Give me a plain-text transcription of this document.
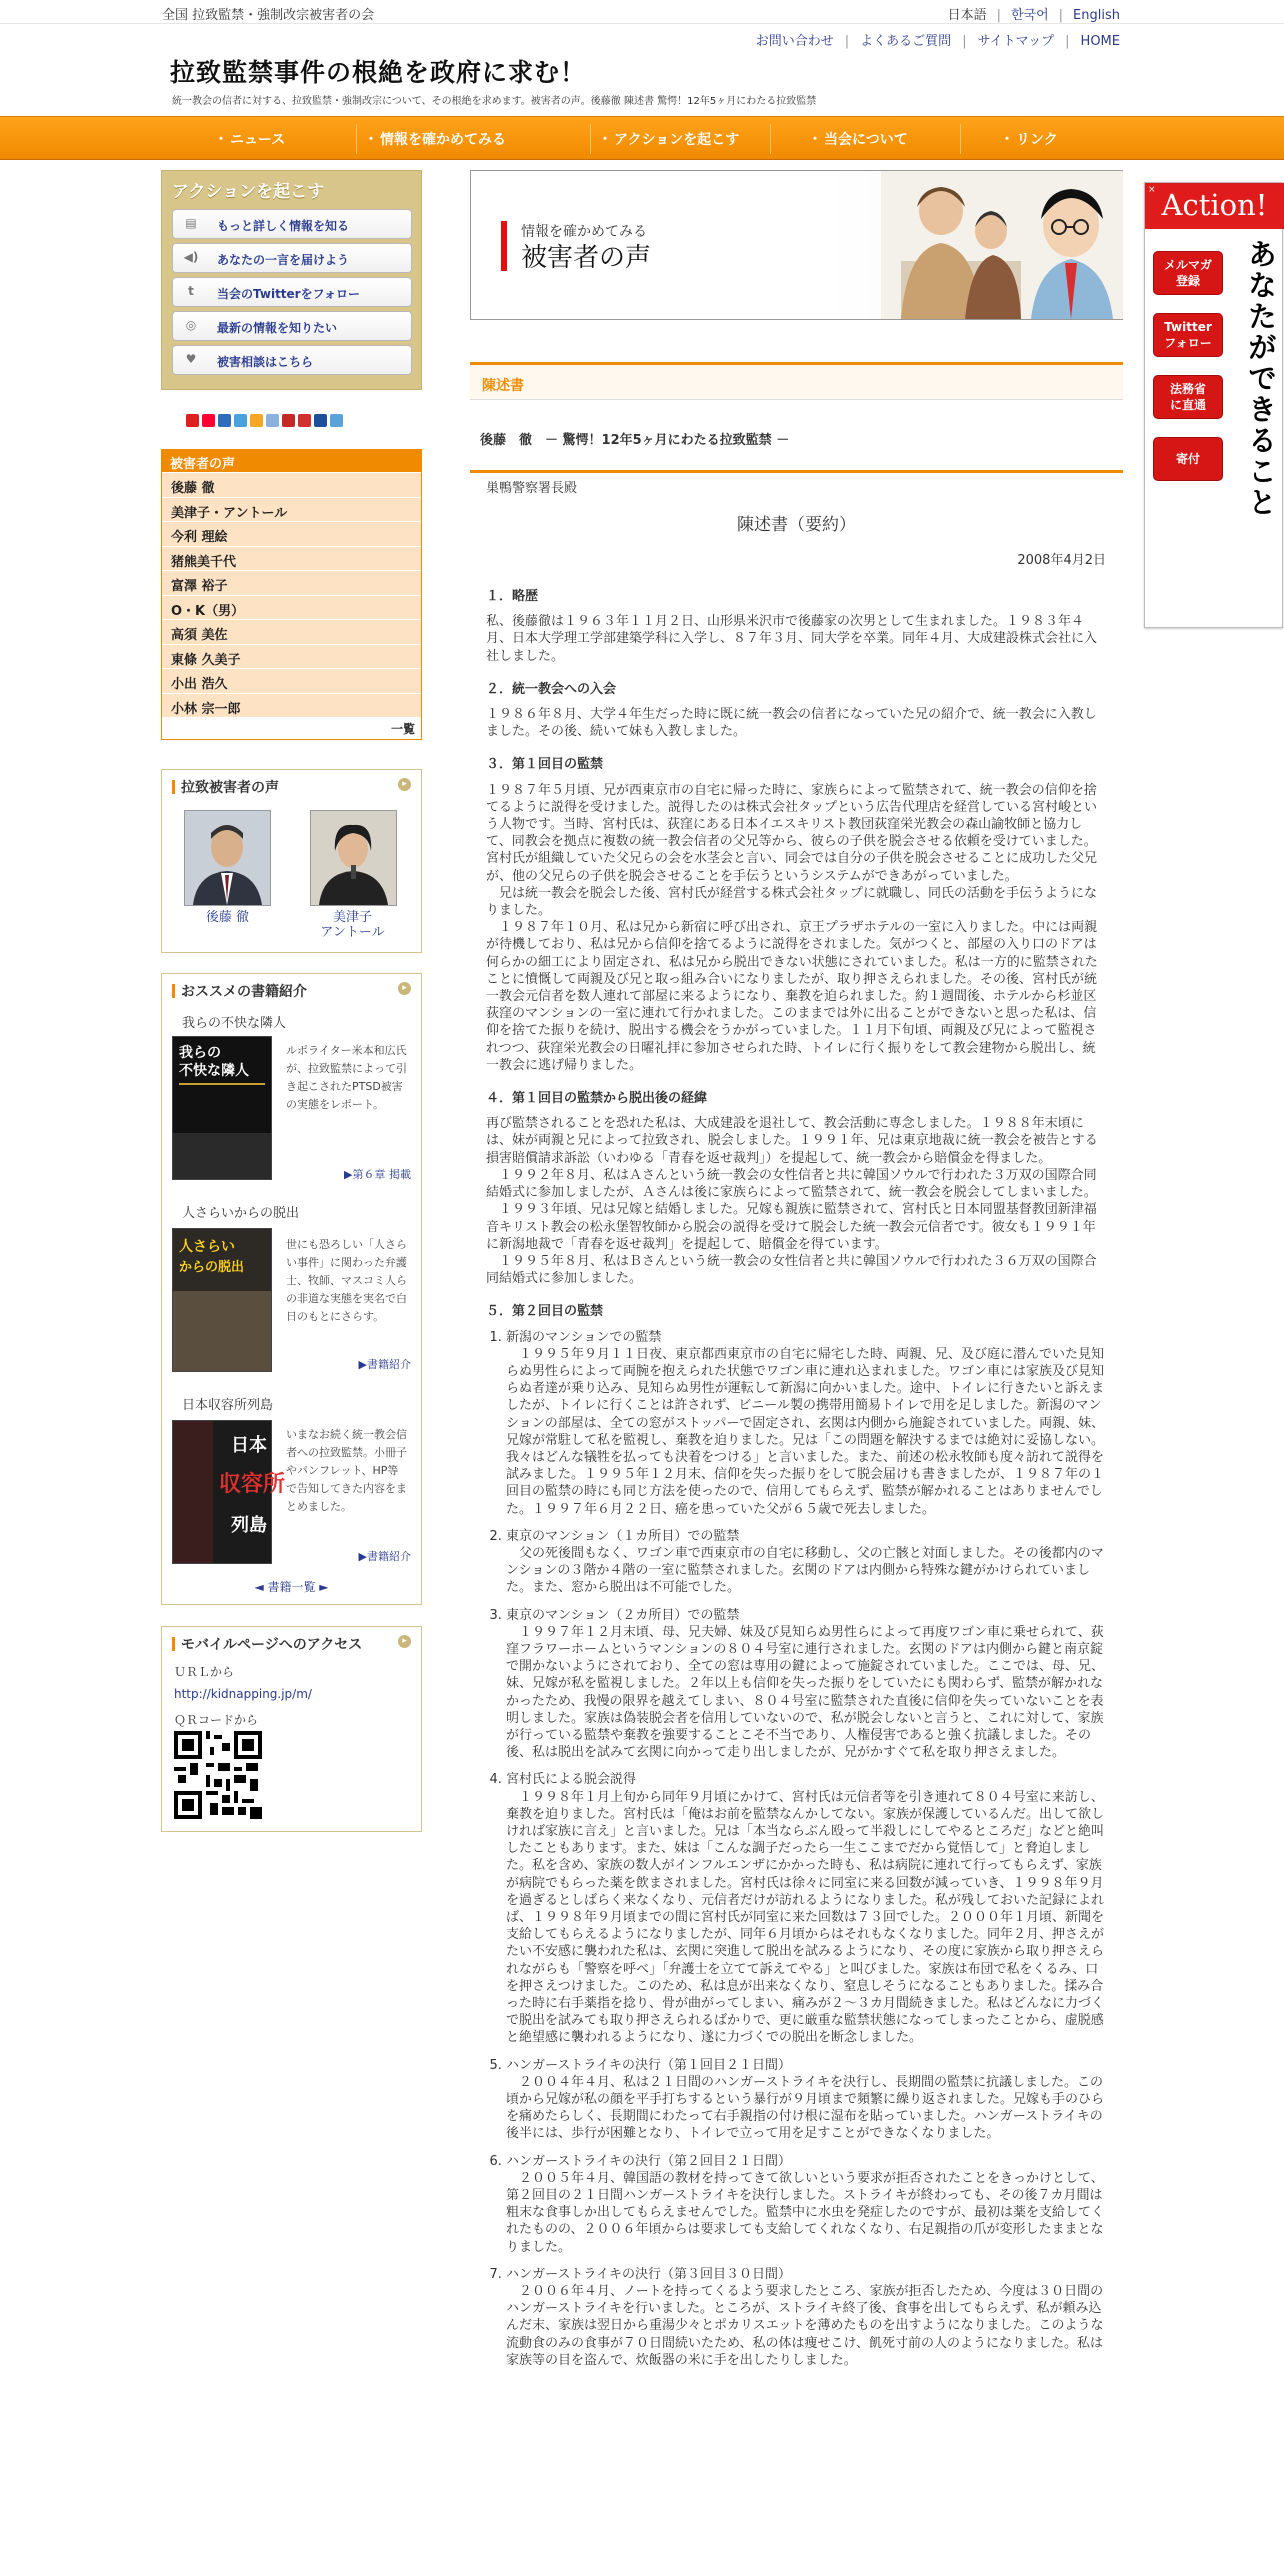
全国 拉致監禁・強制改宗被害者の会	日本語 | 한국어 | English
お問い合わせ | よくあるご質問 | サイトマップ | HOME
拉致監禁事件の根絶を政府に求む！
統一教会の信者に対する、拉致監禁・強制改宗について、その根絶を求めます。被害者の声。後藤徹 陳述書 驚愕！12年5ヶ月にわたる拉致監禁
・ ニュース	・ 情報を確かめてみる	・ アクションを起こす	・ 当会について	・ リンク
アクションを起こす
▤ もっと詳しく情報を知る
◀) あなたの一言を届けよう
t	当会のTwitterをフォロー
◎ 最新の情報を知りたい
♥ 被害相談はこちら
被害者の声
後藤 徹
美津子・アントール
今利 理絵
猪熊美千代
富澤 裕子
O・K（男）
高須 美佐
東條 久美子
小出 浩久
小林 宗一郎
一覧
拉致被害者の声	▸
後藤 徹	美津子
アントール
おススメの書籍紹介	▸
我らの不快な隣人
我らの
不快な隣人
ルポライター米本和広氏が、拉致監禁によって引き起こされたPTSD被害の実態をレポート。
▶第６章 掲載
人さらいからの脱出
人さらい
からの脱出
世にも恐ろしい「人さらい事件」に関わった弁護士、牧師、マスコミ人らの非道な実態を実名で白日のもとにさらす。
▶書籍紹介
日本収容所列島
日本
収容所
列島
いまなお続く統一教会信者への拉致監禁。小冊子やパンフレット、HP等で告知してきた内容をまとめました。
▶書籍紹介
◄ 書籍一覧 ►
モバイルページへのアクセス	▸
ＵＲＬから
http://kidnapping.jp/m/
ＱＲコードから
情報を確かめてみる
被害者の声
陳述書
後藤　徹　－ 驚愕！12年5ヶ月にわたる拉致監禁 －
巣鴨警察署長殿
陳述書（要約）
2008年4月2日
１．略歴

私、後藤徹は１９６３年１１月２日、山形県米沢市で後藤家の次男として生まれました。１９８３年４月、日本大学理工学部建築学科に入学し、８７年３月、同大学を卒業。同年４月、大成建設株式会社に入社しました。

２．統一教会への入会

１９８６年８月、大学４年生だった時に既に統一教会の信者になっていた兄の紹介で、統一教会に入教しました。その後、続いて妹も入教しました。

３．第１回目の監禁

１９８７年５月頃、兄が西東京市の自宅に帰った時に、家族らによって監禁されて、統一教会の信仰を捨てるように説得を受けました。説得したのは株式会社タップという広告代理店を経営している宮村峻という人物です。当時、宮村氏は、荻窪にある日本イエスキリスト教団荻窪栄光教会の森山諭牧師と協力して、同教会を拠点に複数の統一教会信者の父兄等から、彼らの子供を脱会させる依頼を受けていました。宮村氏が組織していた父兄らの会を水茎会と言い、同会では自分の子供を脱会させることに成功した父兄が、他の父兄らの子供を脱会させることを手伝うというシステムができあがっていました。

兄は統一教会を脱会した後、宮村氏が経営する株式会社タップに就職し、同氏の活動を手伝うようになりました。

１９８７年１０月、私は兄から新宿に呼び出され、京王プラザホテルの一室に入りました。中には両親が待機しており、私は兄から信仰を捨てるように説得をされました。気がつくと、部屋の入り口のドアは何らかの細工により固定され、私は兄から脱出できない状態にされていました。私は一方的に監禁されたことに憤慨して両親及び兄と取っ組み合いになりましたが、取り押さえられました。その後、宮村氏が統一教会元信者を数人連れて部屋に来るようになり、棄教を迫られました。約１週間後、ホテルから杉並区荻窪のマンションの一室に連れて行かれました。このままでは外に出ることができないと思った私は、信仰を捨てた振りを続け、脱出する機会をうかがっていました。１１月下旬頃、両親及び兄によって監視されつつ、荻窪栄光教会の日曜礼拝に参加させられた時、トイレに行く振りをして教会建物から脱出し、統一教会に逃げ帰りました。

４．第１回目の監禁から脱出後の経緯

再び監禁されることを恐れた私は、大成建設を退社して、教会活動に専念しました。１９８８年末頃には、妹が両親と兄によって拉致され、脱会しました。１９９１年、兄は東京地裁に統一教会を被告とする損害賠償請求訴訟（いわゆる「青春を返せ裁判」）を提起して、統一教会から賠償金を得ました。

１９９２年８月、私はＡさんという統一教会の女性信者と共に韓国ソウルで行われた３万双の国際合同結婚式に参加しましたが、Ａさんは後に家族らによって監禁されて、統一教会を脱会してしまいました。

１９９３年頃、兄は兄嫁と結婚しました。兄嫁も親族に監禁されて、宮村氏と日本同盟基督教団新津福音キリスト教会の松永堡智牧師から脱会の説得を受けて脱会した統一教会元信者です。彼女も１９９１年に新潟地裁で「青春を返せ裁判」を提起して、賠償金を得ています。

１９９５年８月、私はＢさんという統一教会の女性信者と共に韓国ソウルで行われた３６万双の国際合同結婚式に参加しました。

５．第２回目の監禁
1. 新潟のマンションでの監禁
１９９５年９月１１日夜、東京都西東京市の自宅に帰宅した時、両親、兄、及び庭に潜んでいた見知らぬ男性らによって両腕を抱えられた状態でワゴン車に連れ込まれました。ワゴン車には家族及び見知らぬ者達が乗り込み、見知らぬ男性が運転して新潟に向かいました。途中、トイレに行きたいと訴えましたが、トイレに行くことは許されず、ビニール製の携帯用簡易トイレで用を足しました。新潟のマンションの部屋は、全ての窓がストッパーで固定され、玄関は内側から施錠されていました。両親、妹、兄嫁が常駐して私を監視し、棄教を迫りました。兄は「この問題を解決するまでは絶対に妥協しない。我々はどんな犠牲を払っても決着をつける」と言いました。また、前述の松永牧師も度々訪れて説得を試みました。１９９５年１２月末、信仰を失った振りをして脱会届けも書きましたが、１９８７年の１回目の監禁の時にも同じ方法を使ったので、信用してもらえず、監禁が解かれることはありませんでした。１９９７年６月２２日、癌を患っていた父が６５歳で死去しました。
2. 東京のマンション（１カ所目）での監禁
父の死後間もなく、ワゴン車で西東京市の自宅に移動し、父の亡骸と対面しました。その後都内のマンションの３階か４階の一室に監禁されました。玄関のドアは内側から特殊な鍵がかけられていました。また、窓から脱出は不可能でした。
3. 東京のマンション（２カ所目）での監禁
１９９７年１２月末頃、母、兄夫婦、妹及び見知らぬ男性らによって再度ワゴン車に乗せられて、荻窪フラワーホームというマンションの８０４号室に連行されました。玄関のドアは内側から鍵と南京錠で開かないようにされており、全ての窓は専用の鍵によって施錠されていました。ここでは、母、兄、妹、兄嫁が私を監視しました。２年以上も信仰を失った振りをしていたにも関わらず、監禁が解かれなかったため、我慢の限界を越えてしまい、８０４号室に監禁された直後に信仰を失っていないことを表明しました。家族は偽装脱会者を信用していないので、私が脱会しないと言うと、これに対して、家族が行っている監禁や棄教を強要することこそ不当であり、人権侵害であると強く抗議しました。その後、私は脱出を試みて玄関に向かって走り出しましたが、兄がかすぐて私を取り押さえました。
4. 宮村氏による脱会説得
１９９８年１月上旬から同年９月頃にかけて、宮村氏は元信者等を引き連れて８０４号室に来訪し、棄教を迫りました。宮村氏は「俺はお前を監禁なんかしてない。家族が保護しているんだ。出して欲しければ家族に言え」と言いました。兄は「本当ならぶん殴って半殺しにしてやるところだ」などと絶叫したこともあります。また、妹は「こんな調子だったら一生ここまでだから覚悟して」と脅迫しました。私を含め、家族の数人がインフルエンザにかかった時も、私は病院に連れて行ってもらえず、家族が病院でもらった薬を飲まされました。宮村氏は徐々に同室に来る回数が減っていき、１９９８年９月を過ぎるとしばらく来なくなり、元信者だけが訪れるようになりました。私が残しておいた記録によれば、１９９８年９月頃までの間に宮村氏が同室に来た回数は７３回でした。２０００年１月頃、新聞を支給してもらえるようになりましたが、同年６月頃からはそれもなくなりました。同年２月、押さえがたい不安感に襲われた私は、玄関に突進して脱出を試みるようになり、その度に家族から取り押さえられながらも「警察を呼べ」「弁護士を立てて訴えてやる」と叫びました。家族は布団で私をくるみ、口を押さえつけました。このため、私は息が出来なくなり、窒息しそうになることもありました。揉み合った時に右手薬指を捻り、骨が曲がってしまい、痛みが２～３カ月間続きました。私はどんなに力づくで脱出を試みても取り押さえられるばかりで、更に厳重な監禁状態になってしまったことから、虚脱感と絶望感に襲われるようになり、遂に力づくでの脱出を断念しました。
5. ハンガーストライキの決行（第１回目２１日間）
２００４年４月、私は２１日間のハンガーストライキを決行し、長期間の監禁に抗議しました。この頃から兄嫁が私の顔を平手打ちするという暴行が９月頃まで頻繁に繰り返されました。兄嫁も手のひらを痛めたらしく、長期間にわたって右手親指の付け根に湿布を貼っていました。ハンガーストライキの後半には、歩行が困難となり、トイレで立って用を足すことができなくなりました。
6. ハンガーストライキの決行（第２回目２１日間）
２００５年４月、韓国語の教材を持ってきて欲しいという要求が拒否されたことをきっかけとして、第２回目の２１日間ハンガーストライキを決行しました。ストライキが終わっても、その後７カ月間は粗末な食事しか出してもらえませんでした。監禁中に水虫を発症したのですが、最初は薬を支給してくれたものの、２００６年頃からは要求しても支給してくれなくなり、右足親指の爪が変形したままとなりました。
7. ハンガーストライキの決行（第３回目３０日間）
２００６年４月、ノートを持ってくるよう要求したところ、家族が拒否したため、今度は３０日間のハンガーストライキを行いました。ところが、ストライキ終了後、食事を出してもらえず、私が頼み込んだ末、家族は翌日から重湯少々とポカリスエットを薄めたものを出すようになりました。このような流動食のみの食事が７０日間続いたため、私の体は痩せこけ、飢死寸前の人のようになりました。私は家族等の目を盗んで、炊飯器の米に手を出したりしました。
× Action!
メルマガ
登録
Twitter
フォロー
法務省
に直通
寄付	あなたができること
